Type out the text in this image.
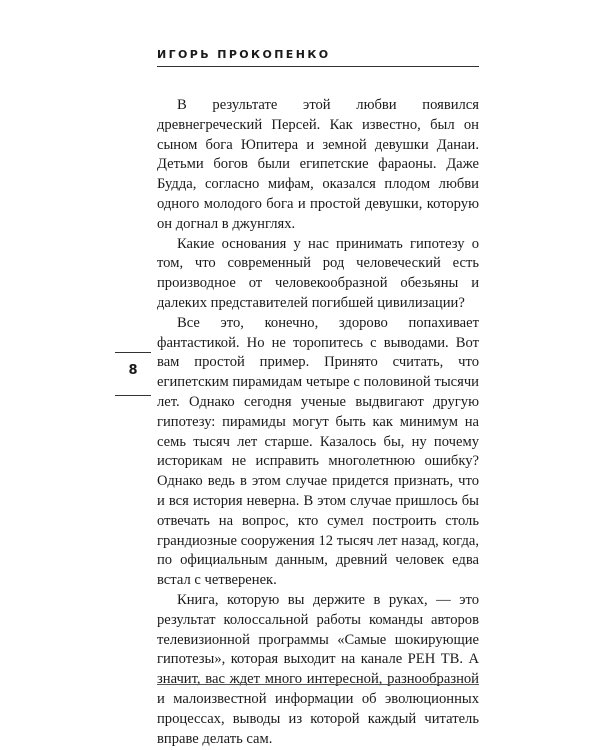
ИГОРЬ ПРОКОПЕНКО
8

В результате этой любви появился древнегреческий Персей. Как известно, был он сыном бога Юпитера и земной девушки Данаи. Детьми богов были египетские фараоны. Даже Будда, согласно мифам, оказался плодом любви одного молодого бога и простой девушки, которую он догнал в джунглях.

Какие основания у нас принимать гипотезу о том, что современный род человеческий есть производное от человекообразной обезьяны и далеких представителей погибшей цивилизации?

Все это, конечно, здорово попахивает фантастикой. Но не торопитесь с выводами. Вот вам простой пример. Принято считать, что египетским пирамидам четыре с половиной тысячи лет. Однако сегодня ученые выдвигают другую гипотезу: пирамиды могут быть как минимум на семь тысяч лет старше. Казалось бы, ну почему историкам не исправить многолетнюю ошибку? Однако ведь в этом случае придется признать, что и вся история неверна. В этом случае пришлось бы отвечать на вопрос, кто сумел построить столь грандиозные сооружения 12 тысяч лет назад, когда, по официальным данным, древний человек едва встал с четверенек.

Книга, которую вы держите в руках, — это результат колоссальной работы команды авторов телевизионной программы «Самые шокирующие гипотезы», которая выходит на канале РЕН ТВ. А значит, вас ждет много интересной, разнообразной и малоизвестной информации об эволюционных процессах, выводы из которой каждый читатель вправе делать сам.
